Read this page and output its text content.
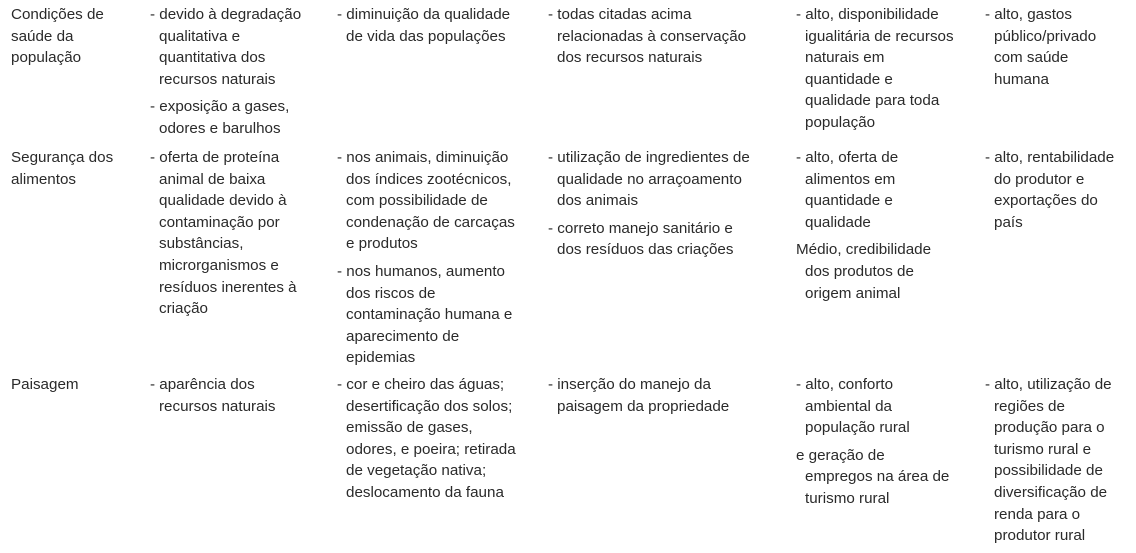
Condições de
saúde da
população
- devido à degradação
qualitativa e
quantitativa dos
recursos naturais
- exposição a gases,
odores e barulhos
- diminuição da qualidade
de vida das populações
- todas citadas acima
relacionadas à conservação
dos recursos naturais
- alto, disponibilidade
igualitária de recursos
naturais em
quantidade e
qualidade para toda
população
- alto, gastos
público/privado
com saúde
humana
Segurança dos
alimentos
- oferta de proteína
animal de baixa
qualidade devido à
contaminação por
substâncias,
microrganismos e
resíduos inerentes à
criação
- nos animais, diminuição
dos índices zootécnicos,
com possibilidade de
condenação de carcaças
e produtos
- nos humanos, aumento
dos riscos de
contaminação humana e
aparecimento de
epidemias
- utilização de ingredientes de
qualidade no arraçoamento
dos animais
- correto manejo sanitário e
dos resíduos das criações
- alto, oferta de
alimentos em
quantidade e
qualidade
Médio, credibilidade
dos produtos de
origem animal
- alto, rentabilidade
do produtor e
exportações do
país
Paisagem	- aparência dos
recursos naturais
- cor e cheiro das águas;
desertificação dos solos;
emissão de gases,
odores, e poeira; retirada
de vegetação nativa;
deslocamento da fauna
- inserção do manejo da
paisagem da propriedade
- alto, conforto
ambiental da
população rural
e geração de
empregos na área de
turismo rural
- alto, utilização de
regiões de
produção para o
turismo rural e
possibilidade de
diversificação de
renda para o
produtor rural
